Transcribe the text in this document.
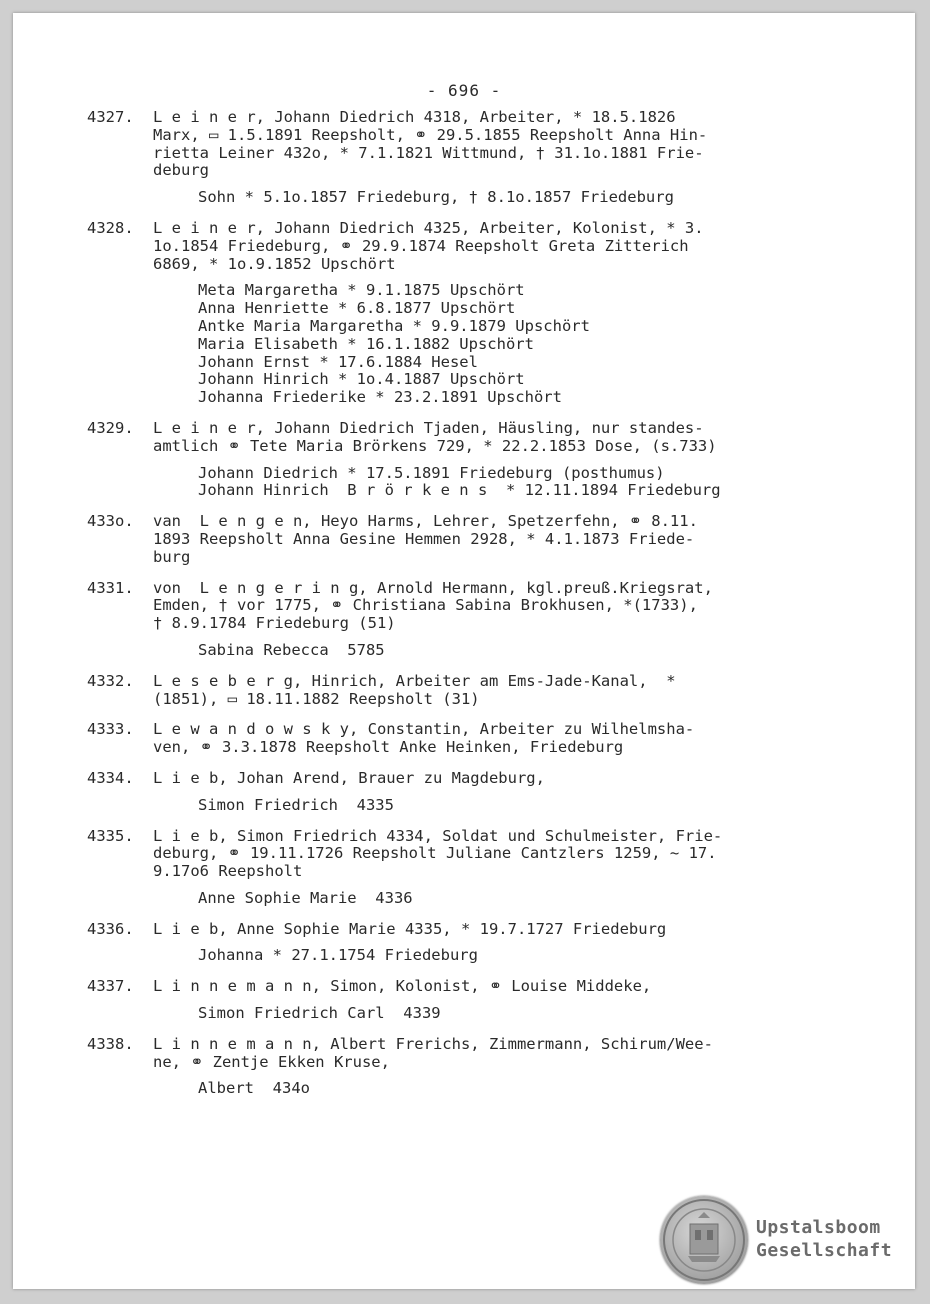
- 696 -
4327. L e i n e r, Johann Diedrich 4318, Arbeiter, * 18.5.1826
Marx, ▭ 1.5.1891 Reepsholt, ⚭ 29.5.1855 Reepsholt Anna Hin-
rietta Leiner 432o, * 7.1.1821 Wittmund, † 31.1o.1881 Frie-
deburg
Sohn * 5.1o.1857 Friedeburg, † 8.1o.1857 Friedeburg
4328. L e i n e r, Johann Diedrich 4325, Arbeiter, Kolonist, * 3.
1o.1854 Friedeburg, ⚭ 29.9.1874 Reepsholt Greta Zitterich
6869, * 1o.9.1852 Upschört
Meta Margaretha * 9.1.1875 Upschört
Anna Henriette * 6.8.1877 Upschört
Antke Maria Margaretha * 9.9.1879 Upschört
Maria Elisabeth * 16.1.1882 Upschört
Johann Ernst * 17.6.1884 Hesel
Johann Hinrich * 1o.4.1887 Upschört
Johanna Friederike * 23.2.1891 Upschört
4329. L e i n e r, Johann Diedrich Tjaden, Häusling, nur standes-
amtlich ⚭ Tete Maria Brörkens 729, * 22.2.1853 Dose, (s.733)
Johann Diedrich * 17.5.1891 Friedeburg (posthumus)
Johann Hinrich  B r ö r k e n s  * 12.11.1894 Friedeburg
433o. van  L e n g e n, Heyo Harms, Lehrer, Spetzerfehn, ⚭ 8.11.
1893 Reepsholt Anna Gesine Hemmen 2928, * 4.1.1873 Friede-
burg
4331. von  L e n g e r i n g, Arnold Hermann, kgl.preuß.Kriegsrat,
Emden, † vor 1775, ⚭ Christiana Sabina Brokhusen, *(1733),
† 8.9.1784 Friedeburg (51)
Sabina Rebecca  5785
4332. L e s e b e r g, Hinrich, Arbeiter am Ems-Jade-Kanal,  *
(1851), ▭ 18.11.1882 Reepsholt (31)
4333. L e w a n d o w s k y, Constantin, Arbeiter zu Wilhelmsha-
ven, ⚭ 3.3.1878 Reepsholt Anke Heinken, Friedeburg
4334. L i e b, Johan Arend, Brauer zu Magdeburg,
Simon Friedrich  4335
4335. L i e b, Simon Friedrich 4334, Soldat und Schulmeister, Frie-
deburg, ⚭ 19.11.1726 Reepsholt Juliane Cantzlers 1259, ~ 17.
9.17o6 Reepsholt
Anne Sophie Marie  4336
4336. L i e b, Anne Sophie Marie 4335, * 19.7.1727 Friedeburg
Johanna * 27.1.1754 Friedeburg
4337. L i n n e m a n n, Simon, Kolonist, ⚭ Louise Middeke,
Simon Friedrich Carl  4339
4338. L i n n e m a n n, Albert Frerichs, Zimmermann, Schirum/Wee-
ne, ⚭ Zentje Ekken Kruse,
Albert  434o
Upstalsboom
Gesellschaft
